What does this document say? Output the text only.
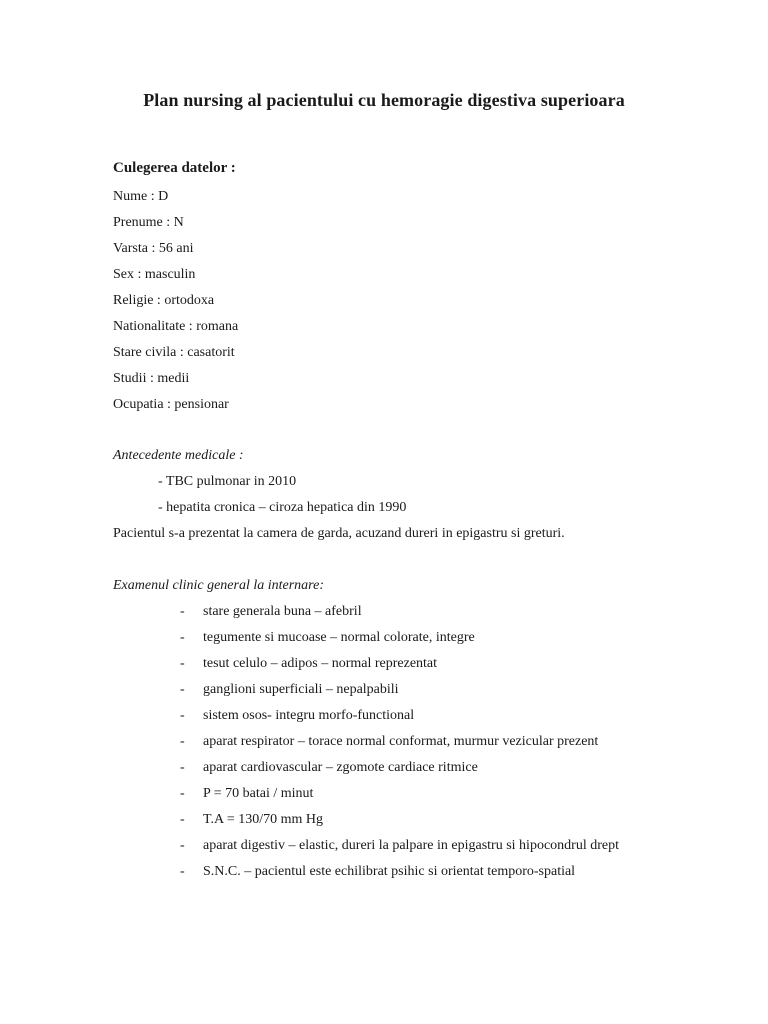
Plan nursing al pacientului cu hemoragie digestiva superioara
Culegerea datelor :
Nume : D
Prenume : N
Varsta : 56 ani
Sex : masculin
Religie : ortodoxa
Nationalitate : romana
Stare civila : casatorit
Studii : medii
Ocupatia : pensionar
Antecedente medicale :
- TBC pulmonar in 2010
- hepatita cronica – ciroza hepatica din 1990
Pacientul s-a prezentat la camera de garda, acuzand dureri in epigastru si greturi.
Examenul clinic general la internare:
- stare generala buna – afebril
- tegumente si mucoase – normal colorate, integre
- tesut celulo – adipos – normal reprezentat
- ganglioni superficiali – nepalpabili
- sistem osos- integru morfo-functional
- aparat respirator – torace normal conformat, murmur vezicular prezent
- aparat cardiovascular – zgomote cardiace ritmice
- P = 70 batai / minut
- T.A = 130/70 mm Hg
- aparat digestiv – elastic, dureri la palpare in epigastru si hipocondrul drept
- S.N.C. – pacientul este echilibrat psihic si orientat temporo-spatial
